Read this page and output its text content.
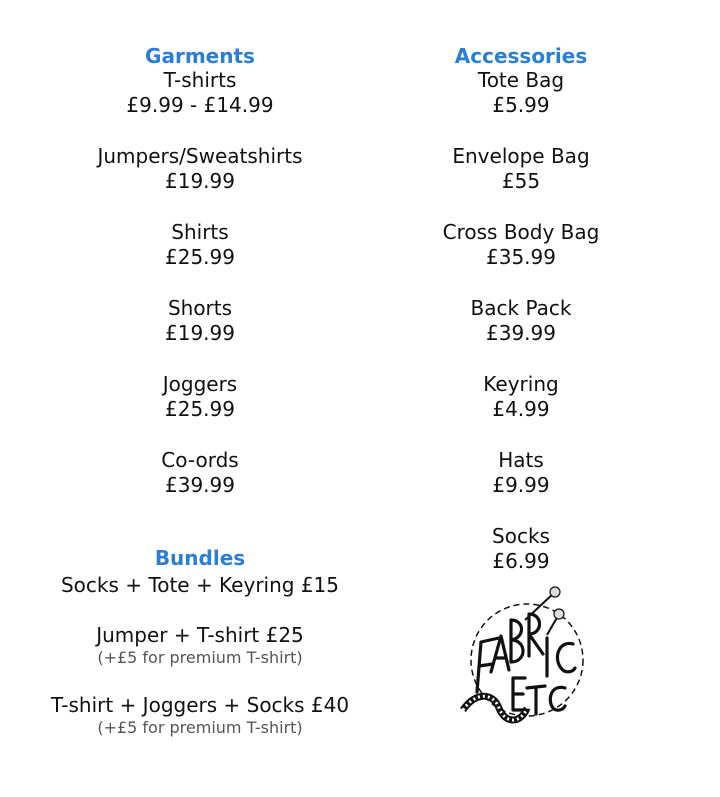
Garments

T-shirts
£9.99 - £14.99
Jumpers/Sweatshirts
£19.99
Shirts
£25.99
Shorts
£19.99
Joggers
£25.99
Co-ords
£39.99

Accessories

Tote Bag
£5.99
Envelope Bag
£55
Cross Body Bag
£35.99
Back Pack
£39.99
Keyring
£4.99
Hats
£9.99
Socks
£6.99

Bundles

Socks + Tote + Keyring £15
Jumper + T-shirt £25
(+£5 for premium T-shirt)
T-shirt + Joggers + Socks £40
(+£5 for premium T-shirt)
